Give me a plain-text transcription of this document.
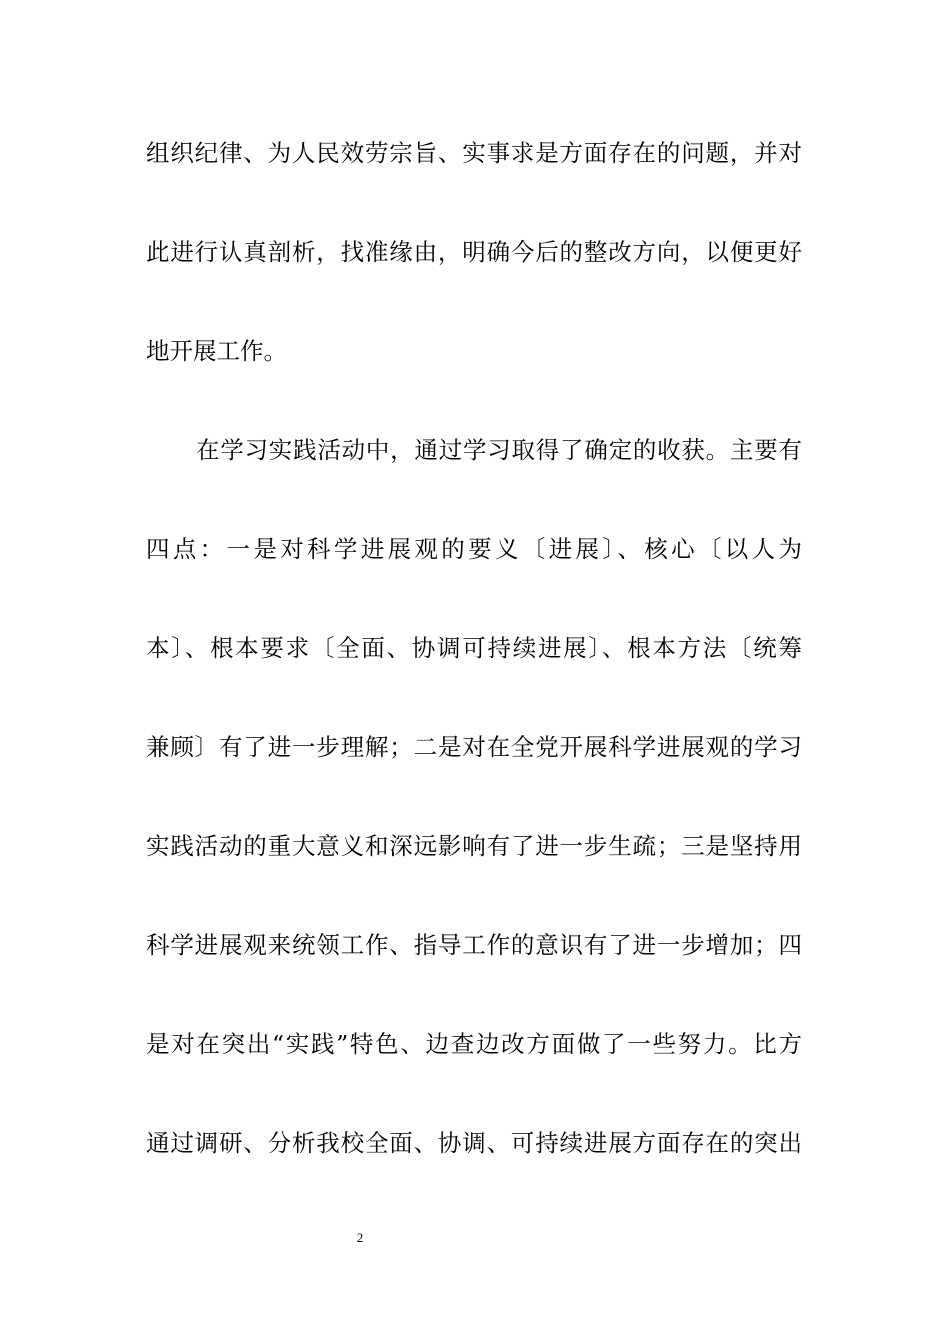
组织纪律、为人民效劳宗旨、实事求是方面存在的问题，并对
此进行认真剖析，找准缘由，明确今后的整改方向，以便更好
地开展工作。
在学习实践活动中，通过学习取得了确定的收获。主要有
四点：一是对科学进展观的要义〔进展〕、核心〔以人为
本〕、根本要求〔全面、协调可持续进展〕、根本方法〔统筹
兼顾〕有了进一步理解；二是对在全党开展科学进展观的学习
实践活动的重大意义和深远影响有了进一步生疏；三是坚持用
科学进展观来统领工作、指导工作的意识有了进一步增加；四
是对在突出“实践”特色、边查边改方面做了一些努力。比方
通过调研、分析我校全面、协调、可持续进展方面存在的突出
2
